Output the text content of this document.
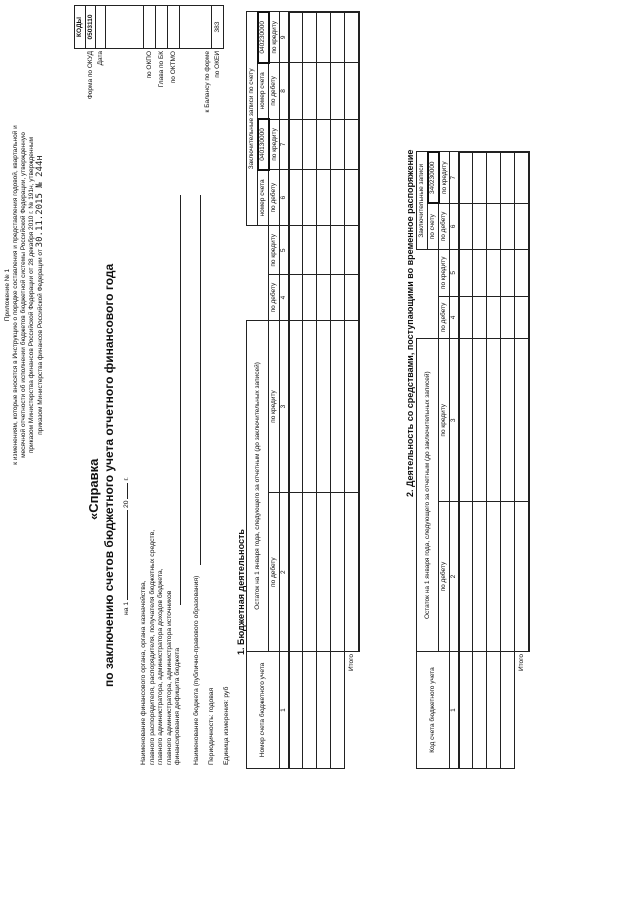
Приложение № 1 к изменениям, которые вносятся в Инструкцию о порядке составления и представления годовой, квартальной и месячной отчетности об исполнении бюджетов бюджетной системы Российской Федерации, утвержденную приказом Министерства финансов Российской Федерации от 28 декабря 2010 г. № 191н, утвержденным приказом Министерства финансов Российской Федерации от 30.11.2015 № 244н
«Справка по заключению счетов бюджетного учета отчетного финансового года на 1  20  г.
	КОДЫ
Форма по ОКУД	0503110
Дата	

по ОКПО	
Глава по БК	
по ОКТМО	
к Балансу по форме	
по ОКЕИ	383
Наименование финансового органа, органа казначейства, главного распорядителя, распорядителя, получателя бюджетных средств, главного администратора, администратора доходов бюджета, главного администратора, администратора источников финансирования дефицита бюджета Наименование бюджета (публично-правового образования) Периодичность: годовая Единица измерения: руб
1. Бюджетная деятельность
Номер счета бюджетного учета	Остаток на 1 января года, следующего за отчетным (до заключительных записей)				Заключительные записи по счету			
					номер счета	040130000	номер счета	040230000
	по дебету	по кредиту	по дебету	по кредиту	по дебету	по кредиту	по дебету	по кредиту
1	2	3	4	5	6	7	8	9

Итого								
2. Деятельность со средствами, поступающими во временное распоряжение
Код счета бюджетного учета	Остаток на 1 января года, следующего за отчетным (до заключительных записей)				Заключительные записи	
					по счету	340230000
	по дебету	по кредиту	по дебету	по кредиту	по дебету	по кредиту
1	2	3	4	5	6	7

Итого						
